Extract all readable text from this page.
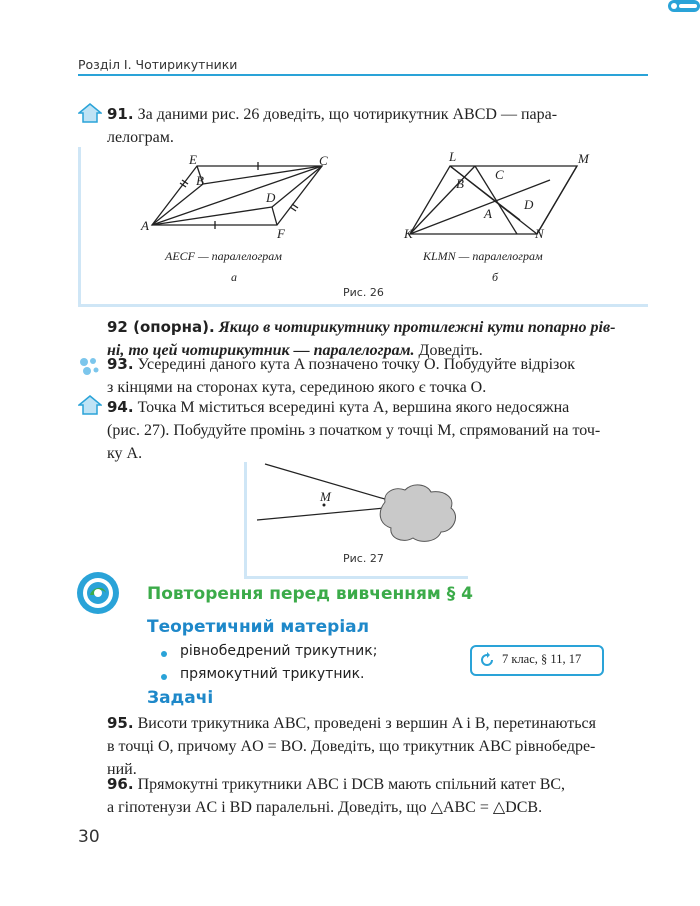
Розділ I. Чотирикутники
91. За даними рис. 26 доведіть, що чотирикутник ABCD — пара-
лелограм.
E	C
B
D
A
F
L	M
B
C
D
A
K	N
AECF — паралелограм
а
KLMN — паралелограм
б
Рис. 26
92 (опорна). Якщо в чотирикутнику протилежні кути попарно рів-
ні, то цей чотирикутник — паралелограм. Доведіть.
93. Усередині даного кута A позначено точку O. Побудуйте відрізок
з кінцями на сторонах кута, серединою якого є точка O.
94. Точка M міститься всередині кута A, вершина якого недосяжна
(рис. 27). Побудуйте промінь з початком у точці M, спрямований на точ-
ку A.
M
Рис. 27
Повторення перед вивченням § 4
Теоретичний матеріал
рівнобедрений трикутник;
прямокутний трикутник.
7 клас, § 11, 17
Задачі
95. Висоти трикутника ABC, проведені з вершин A і B, перетинаються
в точці O, причому AO = BO. Доведіть, що трикутник ABC рівнобедре-
ний.
96. Прямокутні трикутники ABC і DCB мають спільний катет BC,
а гіпотенузи AC і BD паралельні. Доведіть, що △ABC = △DCB.
30
